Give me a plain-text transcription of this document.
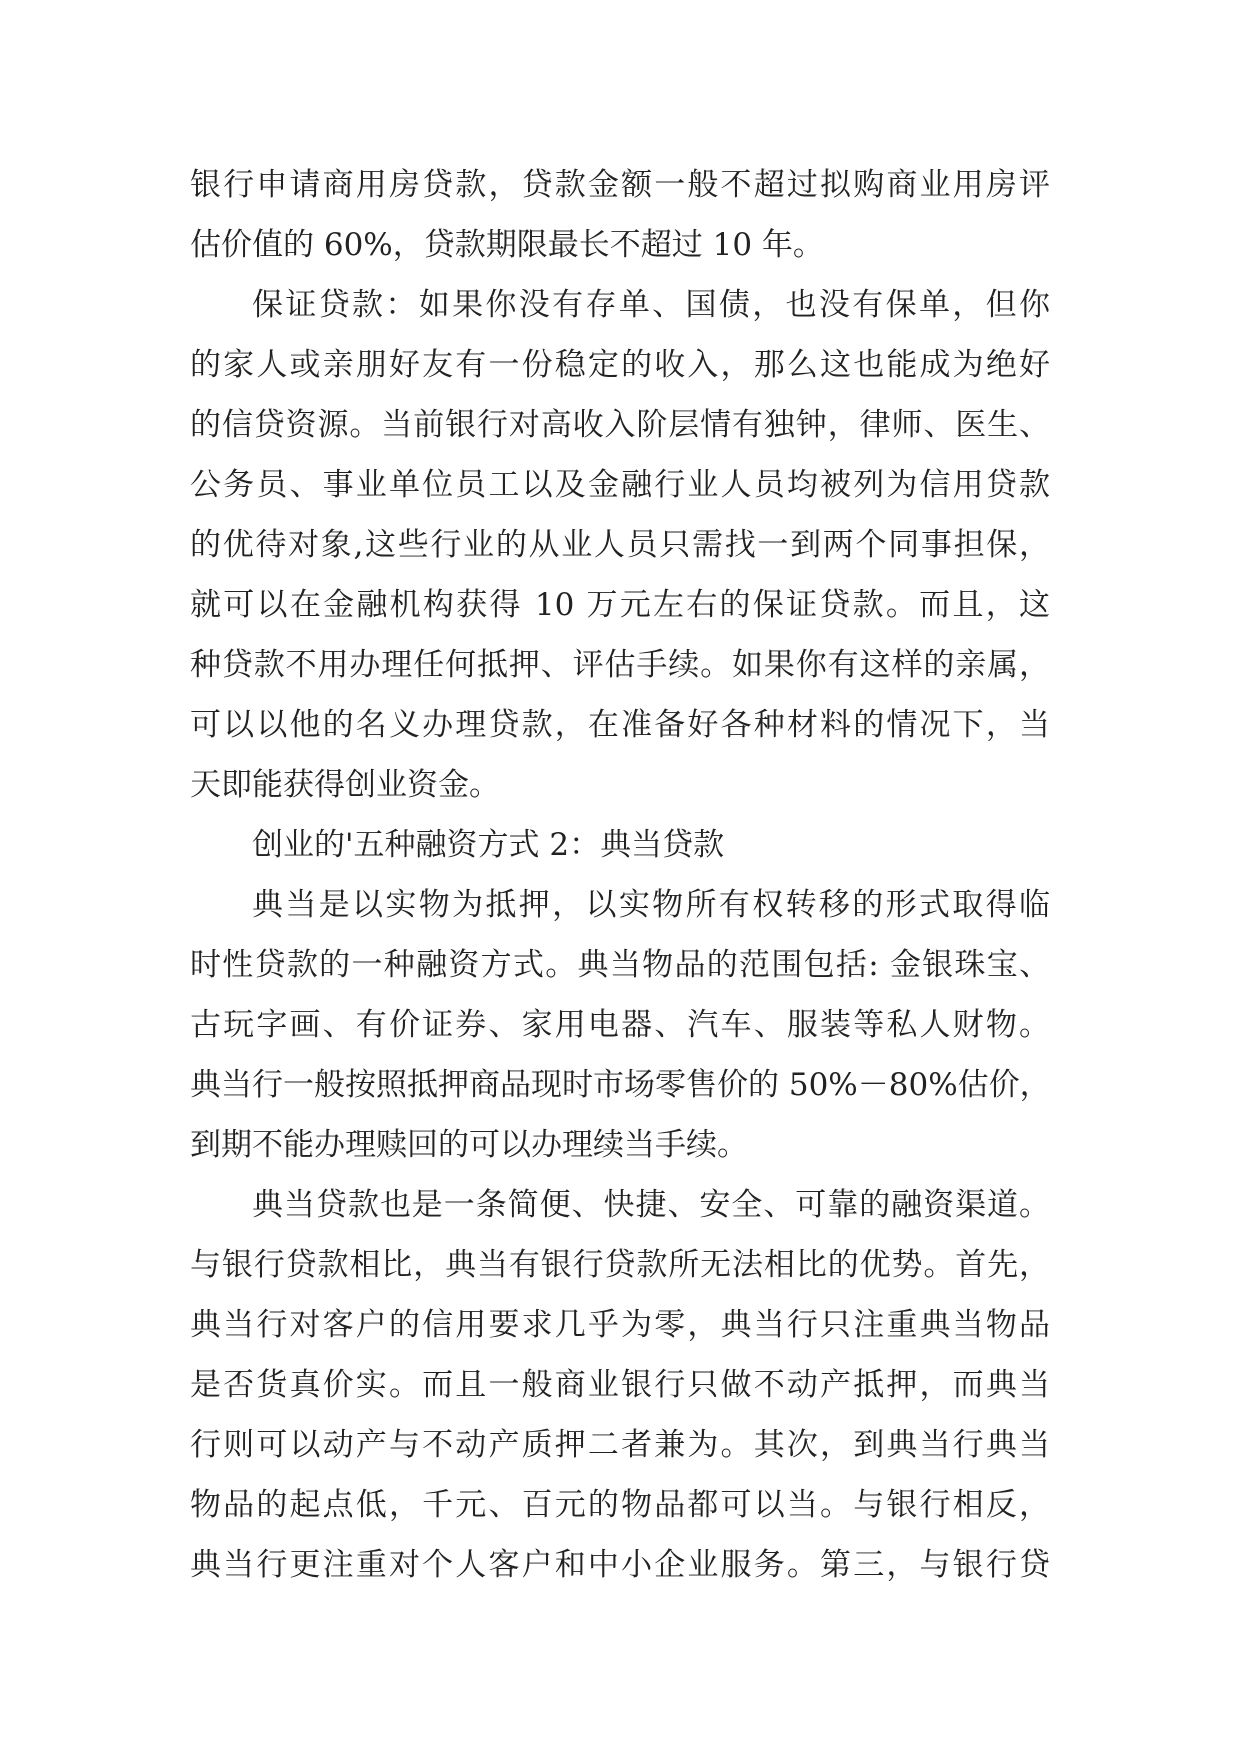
银行申请商用房贷款，贷款金额一般不超过拟购商业用房评
估价值的 60%，贷款期限最长不超过 10 年。
保证贷款：如果你没有存单、国债，也没有保单，但你
的家人或亲朋好友有一份稳定的收入，那么这也能成为绝好
的信贷资源。当前银行对高收入阶层情有独钟，律师、医生、
公务员、事业单位员工以及金融行业人员均被列为信用贷款
的优待对象,这些行业的从业人员只需找一到两个同事担保，
就可以在金融机构获得 10 万元左右的保证贷款。而且，这
种贷款不用办理任何抵押、评估手续。如果你有这样的亲属，
可以以他的名义办理贷款，在准备好各种材料的情况下，当
天即能获得创业资金。
创业的'五种融资方式 2：典当贷款
典当是以实物为抵押，以实物所有权转移的形式取得临
时性贷款的一种融资方式。典当物品的范围包括: 金银珠宝、
古玩字画、有价证券、家用电器、汽车、服装等私人财物。
典当行一般按照抵押商品现时市场零售价的 50%－80%估价，
到期不能办理赎回的可以办理续当手续。
典当贷款也是一条简便、快捷、安全、可靠的融资渠道。
与银行贷款相比，典当有银行贷款所无法相比的优势。首先，
典当行对客户的信用要求几乎为零，典当行只注重典当物品
是否货真价实。而且一般商业银行只做不动产抵押，而典当
行则可以动产与不动产质押二者兼为。其次，到典当行典当
物品的起点低，千元、百元的物品都可以当。与银行相反，
典当行更注重对个人客户和中小企业服务。第三，与银行贷
